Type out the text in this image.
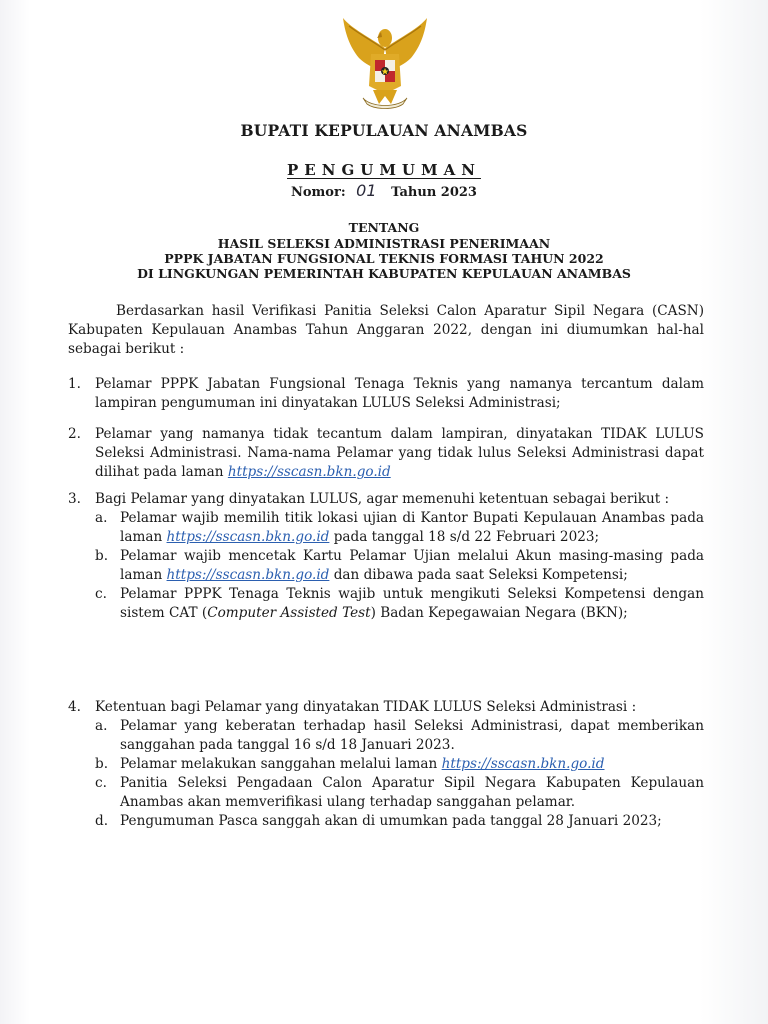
BUPATI KEPULAUAN ANAMBAS
PENGUMUMAN
Nomor: 01 Tahun 2023
TENTANG
HASIL SELEKSI ADMINISTRASI PENERIMAAN
PPPK JABATAN FUNGSIONAL TEKNIS FORMASI TAHUN 2022
DI LINGKUNGAN PEMERINTAH KABUPATEN KEPULAUAN ANAMBAS
Berdasarkan hasil Verifikasi Panitia Seleksi Calon Aparatur Sipil Negara (CASN) Kabupaten Kepulauan Anambas Tahun Anggaran 2022, dengan ini diumumkan hal-hal sebagai berikut :
1.	Pelamar PPPK Jabatan Fungsional Tenaga Teknis yang namanya tercantum dalam lampiran pengumuman ini dinyatakan LULUS Seleksi Administrasi;
2.	Pelamar yang namanya tidak tecantum dalam lampiran, dinyatakan TIDAK LULUS Seleksi Administrasi. Nama-nama Pelamar yang tidak lulus Seleksi Administrasi dapat dilihat pada laman https://sscasn.bkn.go.id
3.	Bagi Pelamar yang dinyatakan LULUS, agar memenuhi ketentuan sebagai berikut :
a. Pelamar wajib memilih titik lokasi ujian di Kantor Bupati Kepulauan Anambas pada laman https://sscasn.bkn.go.id pada tanggal 18 s/d 22 Februari 2023;
b. Pelamar wajib mencetak Kartu Pelamar Ujian melalui Akun masing-masing pada laman https://sscasn.bkn.go.id dan dibawa pada saat Seleksi Kompetensi;
c. Pelamar PPPK Tenaga Teknis wajib untuk mengikuti Seleksi Kompetensi dengan sistem CAT (Computer Assisted Test) Badan Kepegawaian Negara (BKN);
4.	Ketentuan bagi Pelamar yang dinyatakan TIDAK LULUS Seleksi Administrasi :
a. Pelamar yang keberatan terhadap hasil Seleksi Administrasi, dapat memberikan sanggahan pada tanggal 16 s/d 18 Januari 2023.
b. Pelamar melakukan sanggahan melalui laman https://sscasn.bkn.go.id
c. Panitia Seleksi Pengadaan Calon Aparatur Sipil Negara Kabupaten Kepulauan Anambas akan memverifikasi ulang terhadap sanggahan pelamar.
d. Pengumuman Pasca sanggah akan di umumkan pada tanggal 28 Januari 2023;
